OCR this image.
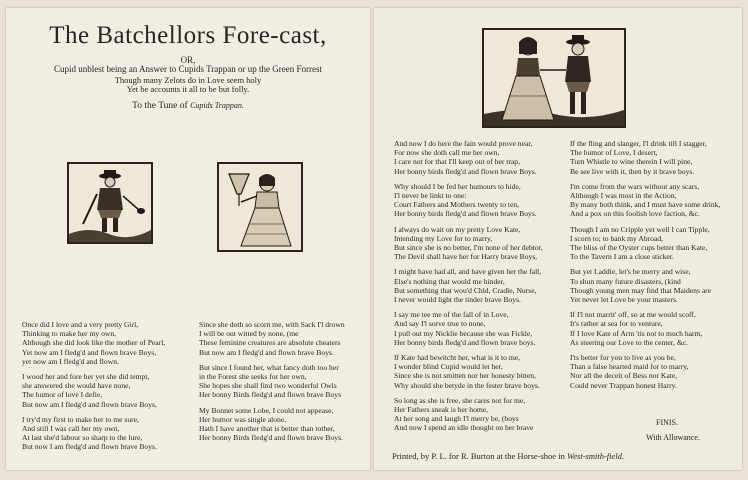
The Batchellors Fore-cast,
OR,
Cupid unblest being an Answer to Cupids Trappan or up the Green Forrest
Though many Zelots do in Love seem holy
Yet be accounts it all to be but folly.
To the Tune of Cupids Trappan.
Once did I love and a very pretty Girl,
Thinking to make her my own,
Although she did look like the mother of Pearl,
Yet now am I fledg'd and flown brave Boys,
yet now am I fledg'd and flown.
I wood her and fore her yet she did tempt,
she answered she would have none,
The humor of love I defie,
But now am I fledg'd and flown brave Boys,
I try'd my first to make her to me sure,
And still I was call her my own,
At last she'd labour so sharp to the lure,
But now I am fledg'd and flown brave Boys.
Since she doth so scorn me, with Sack I'l drown
I will be out witted by none, (me
These feminine creatures are absolute cheaters
But now am I fledg'd and flown brave Boys.
But since I found her, what fancy doth too her
in the Forest she seeks for her own,
She hopes she shall find two wonderful Owls
Her bonny Birds fledg'd and flown brave Boys
My Bonnet some Lobe, I could not appease,
Her humor was single alone,
Hath I have another that is better than tother,
Her bonny Birds fledg'd and flown brave Boys.
And now I do here the fain would prove near,
For now she doth call me her own,
I care not for that I'll keep out of her trap,
Her bonny birds fledg'd and flown brave Boys.
Why should I be fed her humours to hide,
I'l never be linkt to one:
Court Fathers and Mothers twenty to ten,
Her bonny birds fledg'd and flown brave Boys.
I always do wait on my pretty Love Kate,
Intending my Love for to marry,
But since she is no better, I'm none of her debtor,
The Devil shall have her for Harry brave Boys,
I might have had all, and have given her the fall,
Else's nothing that would me hinder,
But something that wou'd Chld, Cradle, Nurse,
I never would light the tinder brave Boys.
I say me tee me of the fall of in Love,
And say I'l sorve true to none,
I pull out my Nicklie because she was Fickle,
Her bonny birds fledg'd and flown brave boys.
If Kate had bewitcht her, what is it to me,
I wonder blind Cupid would let her,
Since she is not smitten nor her honesty bitten,
Why should she betyde in the fester brave boys.
So long as she is free, she cares not for me,
Her Fathers sneak is her home,
At her song and laugh I'l merry be, (boys
And now I spend an idle thought on her brave
If the fling and slanger, I'l drink till I stagger,
The humor of Love, I desert,
Turn Whistle to wine therein I will pine,
Be see live with it, then by it brave boys.
I'm come from the wars without any scars,
Although I was most in the Action,
By many both think, and I must have some drink,
And a pox on this foolish love faction, &c.
Though I am no Cripple yet well I can Tipple,
I scorn to; to bank my Abroad,
The bliss of the Oyster cups better than Kate,
To the Tavern I am a close sticker.
But yet Laddie, let's be merry and wise,
To shun many future disasters, (kind
Though young men may find that Maidens are
Yet never let Love be your masters.
If I'l not marrit' off, so at me would scoff,
It's rather at sea for to venture,
If I love Kate of Arm 'tis not to much harm,
As steering our Love to the center, &c.
I'ts better for you to live as you be,
Than a false hearted maid for to marry,
Nor all the deceit of Bess nor Kate,
Could never Trappan honest Harry.
FINIS.
With Allowance.
Printed, by P. L. for R. Burton at the Horse-shoe in West-smith-field.
